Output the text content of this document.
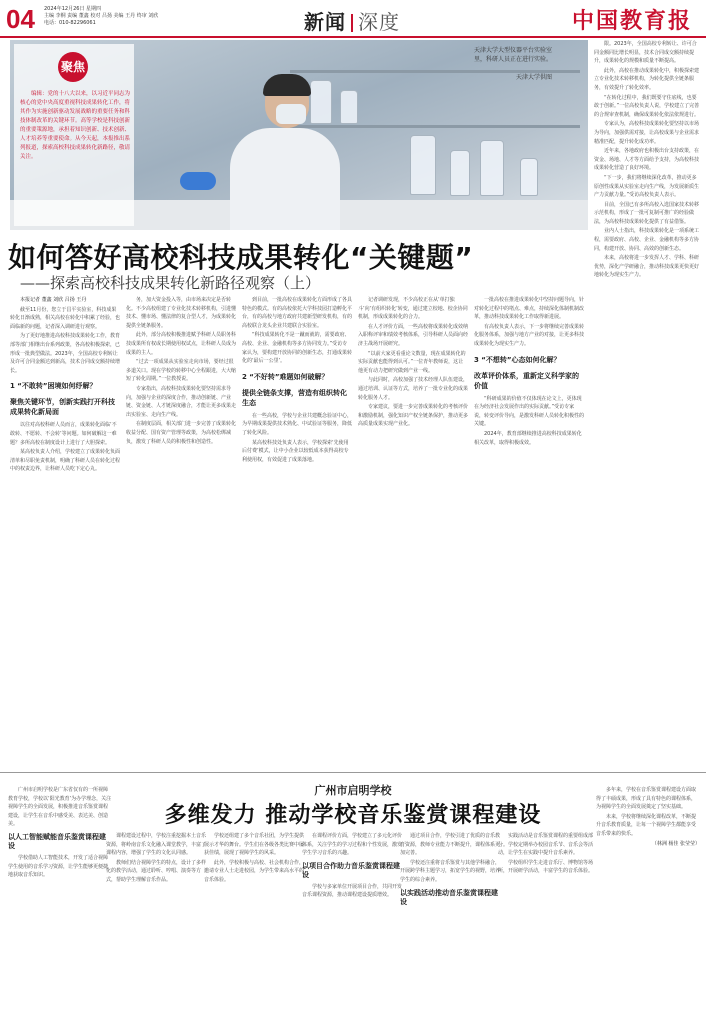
04 2024年12月26日 星期四
主编 李桐 责编 董鑫 校对 吕扬 美编 王丹 终审 刘欣
电话：010-82296061	新闻 深度	中国教育报
天津大学大型仪器平台实验室里，科研人员正在进行实验。
天津大学供图
聚焦
编辑：党的十八大以来，以习近平同志为核心的党中央高度重视科技成果转化工作，将其作为实施创新驱动发展战略的重要任务和科技体制改革的关键环节。高等学校是科技创新的重要策源地，承担着知识创新、技术创新、人才培养等重要使命。从今天起，本报推出系列报道，探索高校科技成果转化新路径，敬请关注。

限。2023年，全国高校专利转让、许可合同金额同比增长明显，技术合同成交额持续提升，成果转化的规模和质量不断提高。

此外，高校在推动成果转化中，积极探索建立专业化技术转移机构，为转化提供全链条服务，有效提升了转化效率。

“在转化过程中，我们既要守住底线，也要敢于创新。”一位高校负责人说，学校建立了完善的合规审查机制，确保成果转化依法依规进行。

专家认为，高校科技成果转化要坚持以市场为导向，加强供需对接，让高校成果与企业需求精准匹配，提升转化成功率。

近年来，各地政府也积极出台支持政策，在资金、场地、人才等方面给予支持，为高校科技成果转化营造了良好环境。

“下一步，我们将继续深化改革，推动更多原创性成果从实验室走向生产线，为发展新质生产力贡献力量。”受访高校负责人表示。

目前，全国已有多所高校入选国家技术转移示范机构，形成了一批可复制可推广的经验做法，为高校科技成果转化提供了有益借鉴。

业内人士指出，科技成果转化是一项系统工程，需要政府、高校、企业、金融机构等多方协同，构建开放、协同、高效的创新生态。

未来，高校将进一步发挥人才、学科、科研优势，深化产学研融合，推动科技成果更快更好地转化为现实生产力。

如何答好高校科技成果转化“关键题”
——探索高校科技成果转化新路径观察（上）

本报记者 董鑫 刘欣 吕扬 王丹

截至11月份，您立于昌平实验室，科技成果转化日渐成熟，相关高校在转化中积累了经验，也面临新的问题，记者深入调研进行观察。

为了更好地推进高校科技成果转化工作，教育部等部门相继出台系列政策，各高校积极探索，已形成一批典型做法。2023年，全国高校专利转让及许可合同金额达到新高，技术合同成交额持续增长。

1 “不敢转”困境如何纾解？
聚焦关键环节，创新实践打开科技成果转化新局面

以往对高校科研人员而言，成果转化面临‘不敢转、不愿转、不会转’等问题。如何破解这一难题？多所高校在制度设计上进行了大胆探索。

某高校负责人介绍，学校建立了成果转化负面清单和尽职免责机制，明确了科研人员在转化过程中的权责边界，让科研人员吃下定心丸。

务，加大资金投入等，由市场来决定是否转化。不少高校组建了专业化技术转移机构，引进懂技术、懂市场、懂法律的复合型人才，为成果转化提供全链条服务。

此外，部分高校积极推进赋予科研人员职务科技成果所有权或长期使用权试点，让科研人员成为成果的主人。

“过去一项成果从实验室走向市场，要经过很多道关口。现在学校的转移中心全程跟进，大大缩短了转化周期。”一位教授说。

专家指出，高校科技成果转化要坚持需求导向，加强与企业的深度合作，推动创新链、产业链、资金链、人才链深度融合，才能让更多成果走出实验室、走向生产线。

在制度层面，相关部门进一步完善了成果转化收益分配、国有资产管理等政策，为高校松绑减负，激发了科研人员的积极性和创造性。

到目前，一批高校在成果转化方面形成了各具特色的模式。有的高校依托大学科技园打造孵化平台，有的高校与地方政府共建新型研发机构，有的高校联合龙头企业共建联合实验室。

“科技成果转化不是一蹴而就的，需要政府、高校、企业、金融机构等多方协同发力。”受访专家认为，要构建开放协同的创新生态，打通成果转化的‘最后一公里’。

2 “不好转”难题如何破解？
提供全链条支撑，营造有组织转化生态

在一些高校，学校与企业共建概念验证中心，为早期成果提供技术熟化、中试验证等服务，降低了转化风险。

某高校科技处负责人表示，学校探索‘先使用后付费’模式，让中小企业以较低成本获得高校专利使用权，有效促进了成果落地。

记者调研发现，不少高校正在从‘单打独斗’向‘有组织转化’转变，通过建立校地、校企协同机制，形成成果转化的合力。

在人才评价方面，一些高校将成果转化成效纳入职称评审和绩效考核体系，引导科研人员面向经济主战场开展研究。

“以前大家更看重论文数量，现在成果转化的实际贡献也能得到认可。”一位青年教师说，这让他更有动力把研究做到产业一线。

与此同时，高校加强了技术经理人队伍建设，通过培训、认证等方式，培养了一批专业化的成果转化服务人才。

专家建议，要进一步完善成果转化的考核评价和激励机制，强化知识产权全链条保护，推动更多高质量成果实现产业化。

一批高校在推进成果转化中坚持问题导向，针对转化过程中的堵点、难点，持续深化体制机制改革，推动科技成果转化工作取得新进展。

有高校负责人表示，下一步将继续完善成果转化服务体系，加强与地方产业的对接，让更多科技成果转化为现实生产力。

3 “不想转”心态如何化解？
改革评价体系，重新定义科学家的价值

“科研成果的价值不仅体现在论文上，更体现在为经济社会发展作出的实际贡献。”受访专家说，转变评价导向，是激发科研人员转化积极性的关键。

2024年，教育部继续推进高校科技成果转化相关改革，取得积极成效。

广州市启明学校
多维发力 推动学校音乐鉴赏课程建设

广州市启明学校是广东省仅有的一所视障教育学校，学校以‘阳光教育’为办学理念，关注视障学生的全面发展，积极推进音乐鉴赏课程建设，让学生在音乐中感受美、表达美、创造美。

以人工智能赋能音乐鉴赏课程建设

学校借助人工智能技术，开发了适合视障学生使用的音乐学习资源，让学生能够更便捷地获取音乐知识。

课程建设过程中，学校注重挖掘本土音乐资源，将岭南音乐文化融入课堂教学，丰富了课程内容，增强了学生的文化认同感。

教师们结合视障学生的特点，设计了多样化的教学活动，通过聆听、哼唱、演奏等方式，帮助学生理解音乐作品。

学校还组建了多个音乐社团，为学生提供展示才华的舞台。学生们在各级各类比赛中屡获佳绩，展现了视障学生的风采。

此外，学校积极与高校、社会机构合作，邀请专业人士走进校园，为学生带来高水平的音乐体验。

在课程评价方面，学校建立了多元化评价体系，关注学生的学习过程和个性发展，激发学生学习音乐的兴趣。

以项目合作助力音乐鉴赏课程建设

学校与多家单位开展项目合作，共同开发音乐课程资源，推动课程建设提质增效。

通过项目合作，学校引进了优质的音乐教育资源，教师专业能力不断提升，课程体系更加完善。

学校还注重将音乐鉴赏与其他学科融合，开展跨学科主题学习，拓宽学生的视野，培养学生的综合素养。

以实践活动推动音乐鉴赏课程建设

实践活动是音乐鉴赏课程的重要组成部分。学校定期举办校园音乐节、音乐会等活动，让学生在实践中提升音乐素养。

学校组织学生走进音乐厅、博物馆等场所，开展研学活动，丰富学生的音乐体验。

多年来，学校在音乐鉴赏课程建设方面取得了丰硕成果，形成了具有特色的课程体系，为视障学生的全面发展奠定了坚实基础。

未来，学校将继续深化课程改革，不断提升音乐教育质量，让每一个视障学生都能享受音乐带来的快乐。

（林洲 杨佳 张莹莹）
